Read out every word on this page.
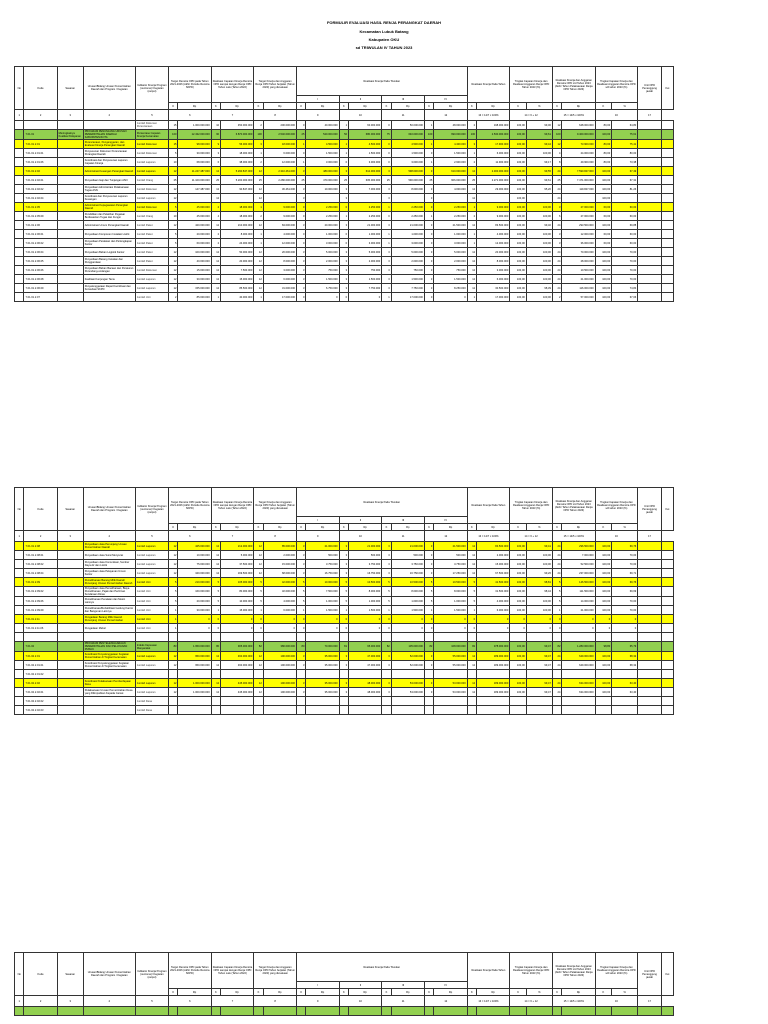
FORMULIR EVALUASI HASIL RENJA PERANGKAT DAERAH
Kecamatan Lubuk Batang
Kabupaten OKU
sd TRIWULAN IV TAHUN 2023
No	Kode	Sasaran	Urusan/Bidang Urusan Pemerintahan Daerah dan Program / Kegiatan	Indikator Kinerja Program (outcome)/ Kegiatan (output)	Target Renstra OPD pada Tahun 2021-2026 (Akhir Periode Renstra SKPD)		Realisasi Capaian Kinerja Renstra OPD sampai dengan Renja OPD Tahun Lalu (Tahun 2022)		Target Kinerja dan Anggaran Renja OPD Tahun berjalan (Tahun 2023) yang dievaluasi		Realisasi Kinerja Pada Triwulan								Realisasi Kinerja Pada Tahun		Tingkat Capaian Kinerja dan Realisasi Anggaran Renja OPD Tahun 2023 (%)		Realisasi Kinerja dan Anggaran Renstra OPD s/d Tahun 2023 (Akhir Tahun Pelaksanaan Renja OPD Tahun 2023)		Tingkat Capaian Kinerja dan Realisasi Anggaran Renstra OPD s/d tahun 2023 (%)		Unit OPD Penanggung jawab	Ket
											I		II		III		IV											
					K	Rp	K	Rp	K	Rp	K	Rp	K	Rp	K	Rp	K	Rp	K	Rp	K	%	K	Rp	K	%		
1	2	3	4	5	6		7		8		9		10		11		12		13 = 12/7 x 100%		14 = 6 + 12		15 = 14/5 x 100%		16		17	
				Jumlah Dokumen Perencanaan	15	1.000.000.000	10	450.000.000	2	200.000.000	0	40.000.000	1	60.000.000	0	50.000.000	1	48.000.000	2	198.000.000	100,00	99,00	12	648.000.000	80,00	64,80		
	7.01.01	Meningkatnya Kualitas Pelayanan	PROGRAM PENUNJANG URUSAN PEMERINTAHAN DAERAH KABUPATEN/KOTA	Persentase Capaian Kinerja Kecamatan	100	12.432.000.000	90	6.870.000.000	100	2.540.000.000	25	520.000.000	50	680.000.000	75	640.000.000	100	690.000.000	100	2.530.000.000	100,00	99,61	100	9.400.000.000	100,00	75,61		
	7.01.01.2.01		Perencanaan, Penganggaran, dan Evaluasi Kinerja Perangkat Daerah	Jumlah Dokumen	15	98.000.000	9	56.000.000	3	18.000.000	1	4.500.000	1	4.500.000	0	4.500.000	1	4.400.000	3	17.900.000	100,00	99,44	12	73.900.000	80,00	75,41		
	7.01.01.2.01.01		Penyusunan Dokumen Perencanaan Perangkat Daerah	Jumlah Dokumen	5	30.000.000	3	18.000.000	1	6.000.000	0	1.500.000	1	1.500.000	0	1.500.000	0	1.500.000	1	6.000.000	100,00	100,00	4	24.000.000	80,00	80,00		
	7.01.01.2.01.06		Koordinasi dan Penyusunan Laporan Capaian Kinerja	Jumlah Laporan	10	68.000.000	6	38.000.000	2	12.000.000	1	3.000.000	0	3.000.000	0	3.000.000	1	2.900.000	2	11.900.000	100,00	99,17	8	49.900.000	80,00	73,38		
	7.01.01.2.02		Administrasi Keuangan Perangkat Daerah	Jumlah Laporan	12	11.247.487.000	12	5.290.847.000	12	2.310.461.000	3	480.000.000	3	612.000.000	3	598.000.000	3	610.000.000	12	2.300.000.000	100,00	99,55	24	7.590.847.000	100,00	67,49		
	7.01.01.2.02.01		Penyediaan Gaji dan Tunjangan ASN	Jumlah Orang	25	11.100.000.000	25	5.200.000.000	25	2.280.000.000	25	470.000.000	25	605.000.000	25	590.000.000	25	606.000.000	25	2.271.000.000	100,00	99,61	25	7.471.000.000	100,00	67,31		
	7.01.01.2.02.02		Penyediaan Administrasi Pelaksanaan Tugas ASN	Jumlah Dokumen	12	147.487.000	12	90.847.000	12	30.461.000	3	10.000.000	3	7.000.000	3	8.000.000	3	4.000.000	12	29.000.000	100,00	95,20	24	119.847.000	100,00	81,26		
	7.01.01.2.02.04		Koordinasi dan Penyusunan Laporan Keuangan	Jumlah Laporan	12		12		12		3		3		3		3		12		100,00		24		100,00			
	7.01.01.2.05		Administrasi Kepegawaian Perangkat Daerah	Jumlah Dokumen	5	45.000.000	2	18.000.000	1	9.000.000	0	2.250.000	0	2.250.000	1	2.250.000	0	2.250.000	1	9.000.000	100,00	100,00	3	27.000.000	60,00	60,00		
	7.01.01.2.05.09		Pendidikan dan Pelatihan Pegawai Berdasarkan Tugas dan Fungsi	Jumlah Orang	10	45.000.000	4	18.000.000	2	9.000.000	0	2.250.000	1	2.250.000	0	2.250.000	1	2.250.000	2	9.000.000	100,00	100,00	6	27.000.000	60,00	60,00		
	7.01.01.2.06		Administrasi Umum Perangkat Daerah	Jumlah Paket	12	420.000.000	12	210.000.000	12	84.000.000	3	20.000.000	3	21.000.000	3	21.000.000	3	21.500.000	12	83.500.000	100,00	99,40	24	293.500.000	100,00	69,88		
	7.01.01.2.06.01		Penyediaan Komponen Instalasi Listrik	Jumlah Paket	5	20.000.000	2	8.000.000	1	4.000.000	0	1.000.000	0	1.000.000	1	1.000.000	0	1.000.000	1	4.000.000	100,00	100,00	3	12.000.000	60,00	60,00		
	7.01.01.2.06.02		Penyediaan Peralatan dan Perlengkapan Kantor	Jumlah Paket	5	60.000.000	2	24.000.000	1	12.000.000	0	3.000.000	0	3.000.000	1	3.000.000	0	3.000.000	1	12.000.000	100,00	100,00	3	36.000.000	60,00	60,00		
	7.01.01.2.06.04		Penyediaan Bahan Logistik Kantor	Jumlah Paket	12	100.000.000	12	50.000.000	12	20.000.000	3	5.000.000	3	5.000.000	3	5.000.000	3	5.000.000	12	20.000.000	100,00	100,00	24	70.000.000	100,00	70,00		
	7.01.01.2.06.05		Penyediaan Barang Cetakan dan Penggandaan	Jumlah Paket	12	40.000.000	12	20.000.000	12	8.000.000	3	2.000.000	3	2.000.000	3	2.000.000	3	2.000.000	12	8.000.000	100,00	100,00	24	28.000.000	100,00	70,00		
	7.01.01.2.06.06		Penyediaan Bahan Bacaan dan Peraturan Perundang-undangan	Jumlah Dokumen	12	15.000.000	12	7.500.000	12	3.000.000	3	750.000	3	750.000	3	750.000	3	750.000	12	3.000.000	100,00	100,00	24	10.500.000	100,00	70,00		
	7.01.01.2.06.08		Fasilitasi Kunjungan Tamu	Jumlah Laporan	12	30.000.000	12	15.000.000	12	6.000.000	3	1.500.000	3	1.500.000	3	1.500.000	3	1.500.000	12	6.000.000	100,00	100,00	24	21.000.000	100,00	70,00		
	7.01.01.2.06.09		Penyelenggaraan Rapat Koordinasi dan Konsultasi SKPD	Jumlah Laporan	12	155.000.000	12	85.500.000	12	31.000.000	3	6.750.000	3	7.750.000	3	7.750.000	3	8.250.000	12	30.500.000	100,00	98,39	24	116.000.000	100,00	74,84		
	7.01.01.2.07			Jumlah Unit	2	85.000.000	1	40.000.000	1	17.000.000	0	0	0	0	1	17.000.000	0	0	1	17.000.000	100,00	100,00	2	57.000.000	100,00	67,06		
No	Kode	Sasaran	Urusan/Bidang Urusan Pemerintahan Daerah dan Program / Kegiatan	Indikator Kinerja Program (outcome)/ Kegiatan (output)	Target Renstra OPD pada Tahun 2021-2026 (Akhir Periode Renstra SKPD)		Realisasi Capaian Kinerja Renstra OPD sampai dengan Renja OPD Tahun Lalu (Tahun 2022)		Target Kinerja dan Anggaran Renja OPD Tahun berjalan (Tahun 2023) yang dievaluasi		Realisasi Kinerja Pada Triwulan								Realisasi Kinerja Pada Tahun		Tingkat Capaian Kinerja dan Realisasi Anggaran Renja OPD Tahun 2023 (%)		Realisasi Kinerja dan Anggaran Renstra OPD s/d Tahun 2023 (Akhir Tahun Pelaksanaan Renja OPD Tahun 2023)		Tingkat Capaian Kinerja dan Realisasi Anggaran Renstra OPD s/d tahun 2023 (%)		Unit OPD Penanggung jawab	Ket
											I		II		III		IV											
					K	Rp	K	Rp	K	Rp	K	Rp	K	Rp	K	Rp	K	Rp	K	Rp	K	%	K	Rp	K	%		
1	2	3	4	5	6		7		8		9		10		11		12		13 = 12/7 x 100%		14 = 6 + 12		15 = 14/5 x 100%		16		17	
	7.01.01.2.08		Penyediaan Jasa Penunjang Urusan Pemerintahan Daerah	Jumlah Laporan	12	425.000.000	12	212.000.000	12	85.000.000	3	21.000.000	3	21.000.000	3	21.000.000	3	21.500.000	12	84.500.000	100,00	99,41	24	296.500.000	100,00	69,76		
	7.01.01.2.08.01		Penyediaan Jasa Surat Menyurat	Jumlah Laporan	12	10.000.000	12	5.000.000	12	2.000.000	3	500.000	3	500.000	3	500.000	3	500.000	12	2.000.000	100,00	100,00	24	7.000.000	100,00	70,00		
	7.01.01.2.08.02		Penyediaan Jasa Komunikasi, Sumber Daya Air dan Listrik	Jumlah Laporan	12	75.000.000	12	37.500.000	12	15.000.000	3	3.750.000	3	3.750.000	3	3.750.000	3	3.750.000	12	15.000.000	100,00	100,00	24	52.500.000	100,00	70,00		
	7.01.01.2.08.04		Penyediaan Jasa Pelayanan Umum Kantor	Jumlah Laporan	12	340.000.000	12	169.500.000	12	68.000.000	3	16.750.000	3	16.750.000	3	16.750.000	3	17.250.000	12	67.500.000	100,00	99,26	24	237.000.000	100,00	69,71		
	7.01.01.2.09		Pemeliharaan Barang Milik Daerah Penunjang Urusan Pemerintahan Daerah	Jumlah Unit	5	210.000.000	5	105.000.000	5	42.000.000	5	10.000.000	5	10.500.000	5	10.500.000	5	10.500.000	5	41.500.000	100,00	98,81	5	146.500.000	100,00	69,76		
	7.01.01.2.09.02		Penyediaan Jasa Pemeliharaan, Biaya Pemeliharaan, Pajak dan Perizinan Kendaraan Dinas	Jumlah Unit	5	160.000.000	5	80.000.000	5	32.000.000	5	7.500.000	5	8.000.000	5	8.000.000	5	8.000.000	5	31.500.000	100,00	98,44	5	111.500.000	100,00	69,69		
	7.01.01.2.09.06		Pemeliharaan Peralatan dan Mesin Lainnya	Jumlah Unit	5	20.000.000	5	10.000.000	5	4.000.000	5	1.000.000	5	1.000.000	5	1.000.000	5	1.000.000	5	4.000.000	100,00	100,00	5	14.000.000	100,00	70,00		
	7.01.01.2.09.09		Pemeliharaan/Rehabilitasi Gedung Kantor dan Bangunan Lainnya	Jumlah Unit	1	30.000.000	1	15.000.000	1	6.000.000	1	1.500.000	1	1.500.000	1	1.500.000	1	1.500.000	1	6.000.000	100,00	100,00	1	21.000.000	100,00	70,00		
	7.01.01.2.11		Pengadaan Barang Milik Daerah Penunjang Urusan Pemerintahan	Jumlah Unit	1	0	0	0	0	0	0	0	0	0	0	0	0	0	0	0	0	0	0	0	0	0		
	7.01.01.2.11.06		Pengadaan Mebel	Jumlah Unit	1	0	0	0	0	0	0	0	0	0	0	0	0	0	0	0	0	0	0	0	0	0		

	7.01.02		PROGRAM PENYELENGGARAAN PEMERINTAHAN DAN PELAYANAN PUBLIK	Indeks Kepuasan Masyarakat	83	1.950.000.000	80	905.000.000	82	380.000.000	80	70.000.000	81	95.000.000	82	105.000.000	82	108.000.000	82	378.000.000	100,00	99,47	82	1.283.000.000	98,80	65,79		
	7.01.02.2.01		Koordinasi Penyelenggaraan Kegiatan Pemerintahan di Tingkat Kecamatan	Jumlah Laporan	12	950.000.000	12	460.000.000	12	190.000.000	3	35.000.000	3	47.000.000	3	52.000.000	3	55.000.000	12	189.000.000	100,00	99,47	24	649.000.000	100,00	68,32		
	7.01.02.2.01.01		Koordinasi Penyelenggaraan Kegiatan Pemerintahan di Tingkat Kecamatan	Jumlah Laporan	12	950.000.000	12	460.000.000	12	190.000.000	3	35.000.000	3	47.000.000	3	52.000.000	3	55.000.000	12	189.000.000	100,00	99,47	24	649.000.000	100,00	68,32		
	7.01.02.2.01.02																											
	7.01.02.2.02		Koordinasi Pelaksanaan Pemberdayaan Desa	Jumlah Laporan	12	1.000.000.000	12	445.000.000	12	190.000.000	3	35.000.000	3	48.000.000	3	53.000.000	3	53.000.000	12	189.000.000	100,00	99,47	24	634.000.000	100,00	63,40		
	7.01.02.2.02.01		Pelaksanaan Urusan Pemerintahan Desa yang Dilimpahkan Kepada Camat	Jumlah Laporan	12	1.000.000.000	12	445.000.000	12	190.000.000	3	35.000.000	3	48.000.000	3	53.000.000	3	53.000.000	12	189.000.000	100,00	99,47	24	634.000.000	100,00	63,40		
	7.01.02.2.02.02			Jumlah Desa																								
	7.01.02.2.02.03			Jumlah Desa																								
No	Kode	Sasaran	Urusan/Bidang Urusan Pemerintahan Daerah dan Program / Kegiatan	Indikator Kinerja Program (outcome)/ Kegiatan (output)	Target Renstra OPD pada Tahun 2021-2026 (Akhir Periode Renstra SKPD)		Realisasi Capaian Kinerja Renstra OPD sampai dengan Renja OPD Tahun Lalu (Tahun 2022)		Target Kinerja dan Anggaran Renja OPD Tahun berjalan (Tahun 2023) yang dievaluasi		Realisasi Kinerja Pada Triwulan								Realisasi Kinerja Pada Tahun		Tingkat Capaian Kinerja dan Realisasi Anggaran Renja OPD Tahun 2023 (%)		Realisasi Kinerja dan Anggaran Renstra OPD s/d Tahun 2023 (Akhir Tahun Pelaksanaan Renja OPD Tahun 2023)		Tingkat Capaian Kinerja dan Realisasi Anggaran Renstra OPD s/d tahun 2023 (%)		Unit OPD Penanggung jawab	Ket
											I		II		III		IV											
					K	Rp	K	Rp	K	Rp	K	Rp	K	Rp	K	Rp	K	Rp	K	Rp	K	%	K	Rp	K	%		
1	2	3	4	5	6		7		8		9		10		11		12		13 = 12/7 x 100%		14 = 6 + 12		15 = 14/5 x 100%		16		17	
